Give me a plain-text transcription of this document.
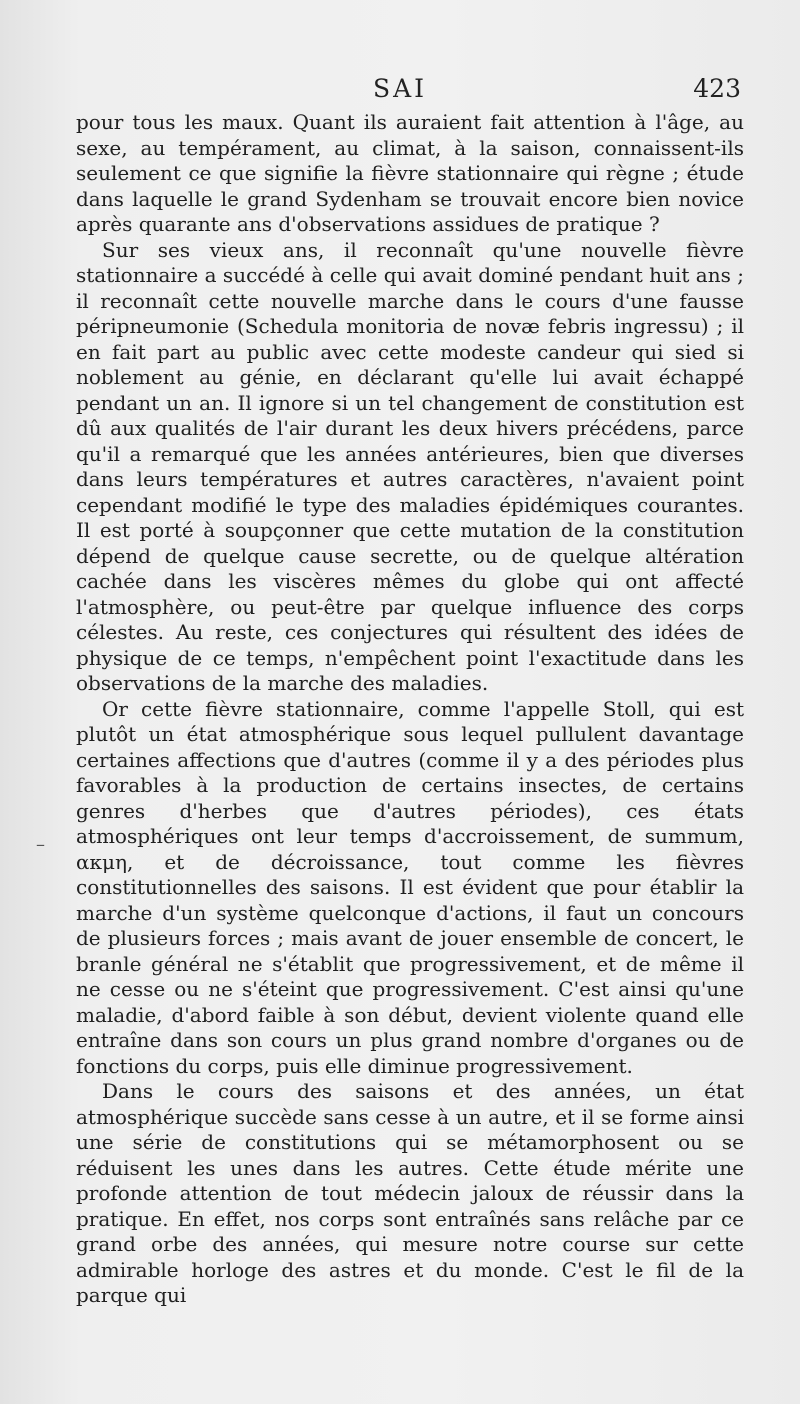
SAI	423
–

pour tous les maux. Quant ils auraient fait attention à l'âge, au sexe, au tempérament, au climat, à la saison, connaissent-ils seulement ce que signifie la fièvre stationnaire qui règne ; étude dans laquelle le grand Sydenham se trouvait encore bien novice après quarante ans d'observations assidues de pratique ?

Sur ses vieux ans, il reconnaît qu'une nouvelle fièvre stationnaire a succédé à celle qui avait dominé pendant huit ans ; il reconnaît cette nouvelle marche dans le cours d'une fausse péripneumonie (Schedula monitoria de novæ febris ingressu) ; il en fait part au public avec cette modeste candeur qui sied si noblement au génie, en déclarant qu'elle lui avait échappé pendant un an. Il ignore si un tel changement de constitution est dû aux qualités de l'air durant les deux hivers précédens, parce qu'il a remarqué que les années antérieures, bien que diverses dans leurs températures et autres caractères, n'avaient point cependant modifié le type des maladies épidémiques courantes. Il est porté à soupçonner que cette mutation de la constitution dépend de quelque cause secrette, ou de quelque altération cachée dans les viscères mêmes du globe qui ont affecté l'atmosphère, ou peut-être par quelque influence des corps célestes. Au reste, ces conjectures qui résultent des idées de physique de ce temps, n'empêchent point l'exactitude dans les observations de la marche des maladies.

Or cette fièvre stationnaire, comme l'appelle Stoll, qui est plutôt un état atmosphérique sous lequel pullulent davantage certaines affections que d'autres (comme il y a des périodes plus favorables à la production de certains insectes, de certains genres d'herbes que d'autres périodes), ces états atmosphériques ont leur temps d'accroissement, de summum, ακμη, et de décroissance, tout comme les fièvres constitutionnelles des saisons. Il est évident que pour établir la marche d'un système quelconque d'actions, il faut un concours de plusieurs forces ; mais avant de jouer ensemble de concert, le branle général ne s'établit que progressivement, et de même il ne cesse ou ne s'éteint que progressivement. C'est ainsi qu'une maladie, d'abord faible à son début, devient violente quand elle entraîne dans son cours un plus grand nombre d'organes ou de fonctions du corps, puis elle diminue progressivement.

Dans le cours des saisons et des années, un état atmosphérique succède sans cesse à un autre, et il se forme ainsi une série de constitutions qui se métamorphosent ou se réduisent les unes dans les autres. Cette étude mérite une profonde attention de tout médecin jaloux de réussir dans la pratique. En effet, nos corps sont entraînés sans relâche par ce grand orbe des années, qui mesure notre course sur cette admirable horloge des astres et du monde. C'est le fil de la parque qui
